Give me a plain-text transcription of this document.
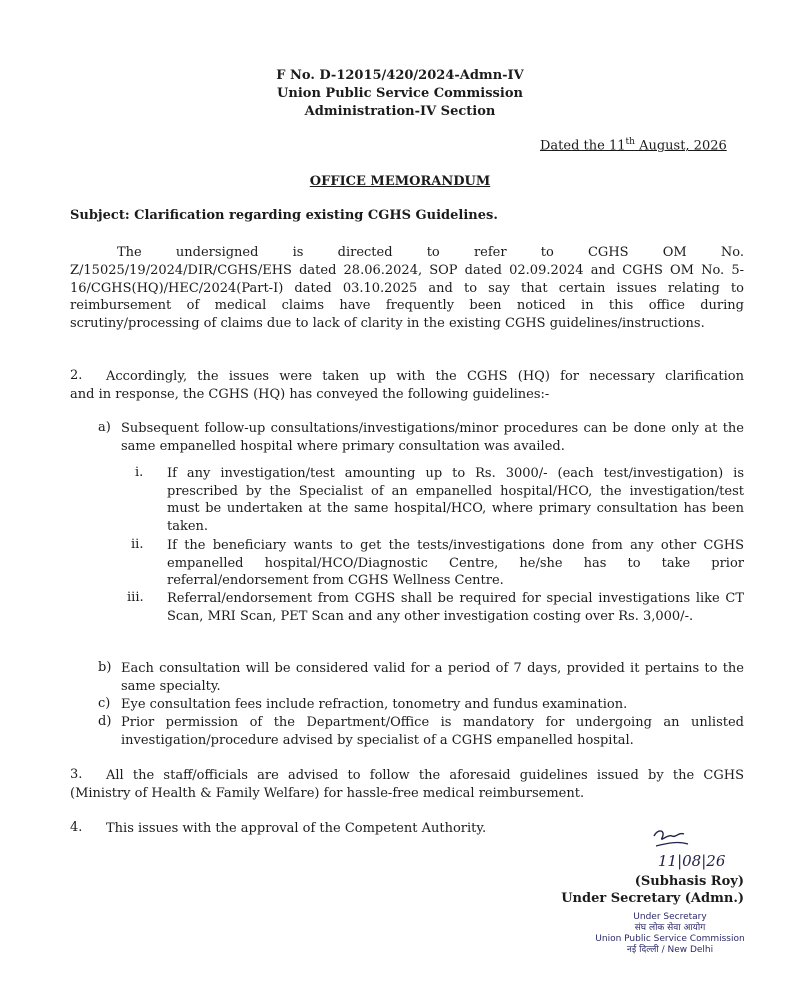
F No. D-12015/420/2024-Admn-IV
Union Public Service Commission
Administration-IV Section
Dated the 11th August, 2026
OFFICE MEMORANDUM
Subject: Clarification regarding existing CGHS Guidelines.
The undersigned is directed to refer to CGHS OM No.
Z/15025/19/2024/DIR/CGHS/EHS dated 28.06.2024, SOP dated 02.09.2024 and CGHS OM No. 5-16/CGHS(HQ)/HEC/2024(Part-I) dated 03.10.2025 and to say that certain issues relating to reimbursement of medical claims have frequently been noticed in this office during scrutiny/processing of claims due to lack of clarity in the existing CGHS guidelines/instructions.
2. Accordingly, the issues were taken up with the CGHS (HQ) for necessary clarification
and in response, the CGHS (HQ) has conveyed the following guidelines:-
a) Subsequent follow-up consultations/investigations/minor procedures can be done only at the same empanelled hospital where primary consultation was availed.
i. If any investigation/test amounting up to Rs. 3000/- (each test/investigation) is prescribed by the Specialist of an empanelled hospital/HCO, the investigation/test must be undertaken at the same hospital/HCO, where primary consultation has been taken.
ii. If the beneficiary wants to get the tests/investigations done from any other CGHS empanelled hospital/HCO/Diagnostic Centre, he/she has to take prior referral/endorsement from CGHS Wellness Centre.
iii. Referral/endorsement from CGHS shall be required for special investigations like CT Scan, MRI Scan, PET Scan and any other investigation costing over Rs. 3,000/-.
b) Each consultation will be considered valid for a period of 7 days, provided it pertains to the same specialty.
c) Eye consultation fees include refraction, tonometry and fundus examination.
d) Prior permission of the Department/Office is mandatory for undergoing an unlisted investigation/procedure advised by specialist of a CGHS empanelled hospital.
3. All the staff/officials are advised to follow the aforesaid guidelines issued by the CGHS
(Ministry of Health & Family Welfare) for hassle-free medical reimbursement.
4. This issues with the approval of the Competent Authority.
11|08|26
(Subhasis Roy)
Under Secretary (Admn.)
Under Secretary
संघ लोक सेवा आयोग
Union Public Service Commission
नई दिल्ली / New Delhi
